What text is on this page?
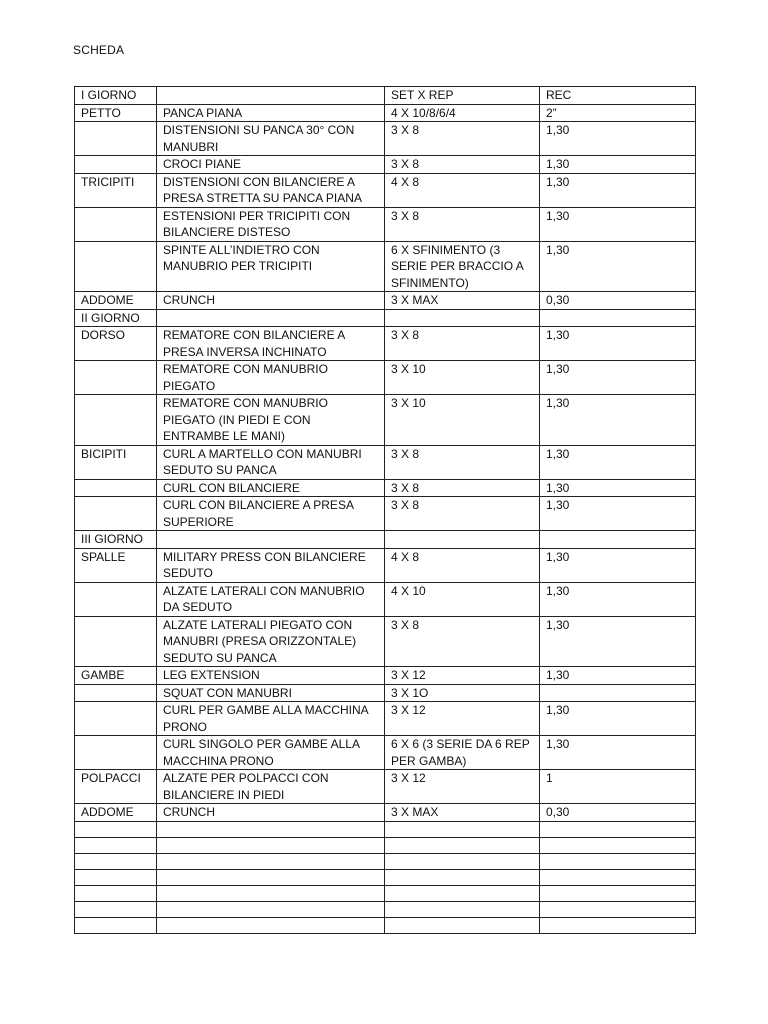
SCHEDA
I GIORNO		SET X REP	REC
PETTO	PANCA PIANA	4 X 10/8/6/4	2”
	DISTENSIONI SU PANCA 30° CON MANUBRI	3 X 8	1,30
	CROCI PIANE	3 X 8	1,30
TRICIPITI	DISTENSIONI CON BILANCIERE A PRESA STRETTA SU PANCA PIANA	4 X 8	1,30
	ESTENSIONI PER TRICIPITI CON BILANCIERE DISTESO	3 X 8	1,30
	SPINTE ALL’INDIETRO CON MANUBRIO PER TRICIPITI	6 X SFINIMENTO (3 SERIE PER BRACCIO A SFINIMENTO)	1,30
ADDOME	CRUNCH	3 X MAX	0,30
II GIORNO			
DORSO	REMATORE CON BILANCIERE A PRESA INVERSA INCHINATO	3 X 8	1,30
	REMATORE CON MANUBRIO PIEGATO	3 X 10	1,30
	REMATORE CON MANUBRIO PIEGATO (IN PIEDI E CON ENTRAMBE LE MANI)	3 X 10	1,30
BICIPITI	CURL A MARTELLO CON MANUBRI SEDUTO SU PANCA	3 X 8	1,30
	CURL CON BILANCIERE	3 X 8	1,30
	CURL CON BILANCIERE A PRESA SUPERIORE	3 X 8	1,30
III GIORNO			
SPALLE	MILITARY PRESS CON BILANCIERE SEDUTO	4 X 8	1,30
	ALZATE LATERALI CON MANUBRIO DA SEDUTO	4 X 10	1,30
	ALZATE LATERALI PIEGATO CON MANUBRI (PRESA ORIZZONTALE) SEDUTO SU PANCA	3 X 8	1,30
GAMBE	LEG EXTENSION	3 X 12	1,30
	SQUAT CON MANUBRI	3 X 1O	
	CURL PER GAMBE ALLA MACCHINA PRONO	3 X 12	1,30
	CURL SINGOLO PER GAMBE ALLA MACCHINA PRONO	6 X 6 (3 SERIE DA 6 REP PER GAMBA)	1,30
POLPACCI	ALZATE PER POLPACCI CON BILANCIERE IN PIEDI	3 X 12	1
ADDOME	CRUNCH	3 X MAX	0,30
